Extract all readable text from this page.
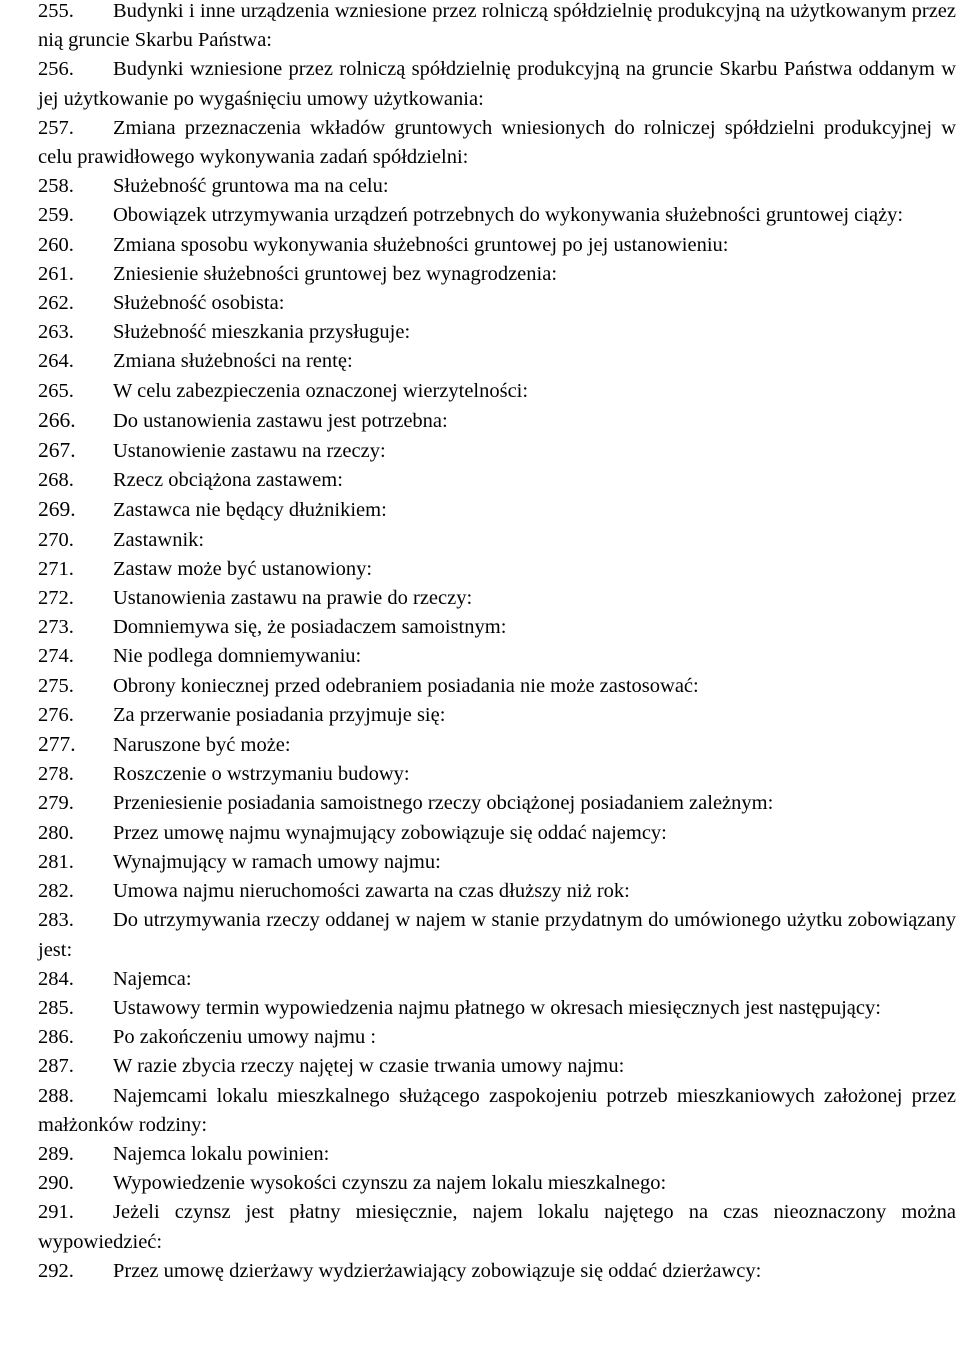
255. Budynki i inne urządzenia wzniesione przez rolniczą spółdzielnię produkcyjną na użytkowanym przez nią gruncie Skarbu Państwa:

256. Budynki wzniesione przez rolniczą spółdzielnię produkcyjną na gruncie Skarbu Państwa oddanym w jej użytkowanie po wygaśnięciu umowy użytkowania:

257. Zmiana przeznaczenia wkładów gruntowych wniesionych do rolniczej spółdzielni produkcyjnej w celu prawidłowego wykonywania zadań spółdzielni:

258. Służebność gruntowa ma na celu:

259. Obowiązek utrzymywania urządzeń potrzebnych do wykonywania służebności gruntowej ciąży:

260. Zmiana sposobu wykonywania służebności gruntowej po jej ustanowieniu:

261. Zniesienie służebności gruntowej bez wynagrodzenia:

262. Służebność osobista:

263. Służebność mieszkania przysługuje:

264. Zmiana służebności na rentę:

265. W celu zabezpieczenia oznaczonej wierzytelności:

266. Do ustanowienia zastawu jest potrzebna:

267. Ustanowienie zastawu na rzeczy:

268. Rzecz obciążona zastawem:

269. Zastawca nie będący dłużnikiem:

270. Zastawnik:

271. Zastaw może być ustanowiony:

272. Ustanowienia zastawu na prawie do rzeczy:

273. Domniemywa się, że posiadaczem samoistnym:

274. Nie podlega domniemywaniu:

275. Obrony koniecznej przed odebraniem posiadania nie może zastosować:

276. Za przerwanie posiadania przyjmuje się:

277. Naruszone być może:

278. Roszczenie o wstrzymaniu budowy:

279. Przeniesienie posiadania samoistnego rzeczy obciążonej posiadaniem zależnym:

280. Przez umowę najmu wynajmujący zobowiązuje się oddać najemcy:

281. Wynajmujący w ramach umowy najmu:

282. Umowa najmu nieruchomości zawarta na czas dłuższy niż rok:

283. Do utrzymywania rzeczy oddanej w najem w stanie przydatnym do umówionego użytku zobowiązany jest:

284. Najemca:

285. Ustawowy termin wypowiedzenia najmu płatnego w okresach miesięcznych jest następujący:

286. Po zakończeniu umowy najmu :

287. W razie zbycia rzeczy najętej w czasie trwania umowy najmu:

288. Najemcami lokalu mieszkalnego służącego zaspokojeniu potrzeb mieszkaniowych założonej przez małżonków rodziny:

289. Najemca lokalu powinien:

290. Wypowiedzenie wysokości czynszu za najem lokalu mieszkalnego:

291. Jeżeli czynsz jest płatny miesięcznie, najem lokalu najętego na czas nieoznaczony można wypowiedzieć:

292. Przez umowę dzierżawy wydzierżawiający zobowiązuje się oddać dzierżawcy:
